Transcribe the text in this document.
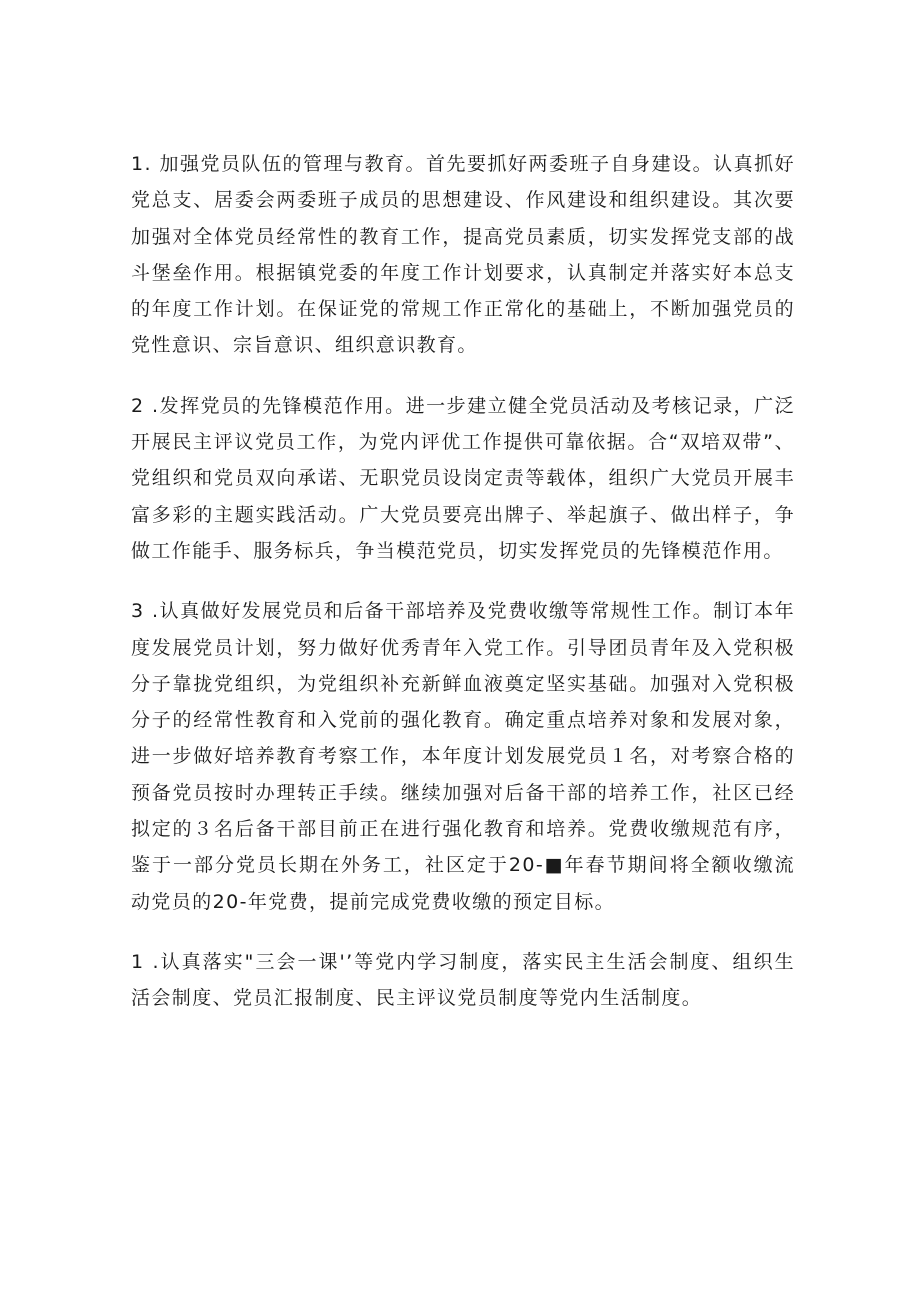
1. 加强党员队伍的管理与教育。首先要抓好两委班子自身建设。认真抓好党总支、居委会两委班子成员的思想建设、作风建设和组织建设。其次要加强对全体党员经常性的教育工作，提高党员素质，切实发挥党支部的战斗堡垒作用。根据镇党委的年度工作计划要求，认真制定并落实好本总支的年度工作计划。在保证党的常规工作正常化的基础上，不断加强党员的党性意识、宗旨意识、组织意识教育。

2 .发挥党员的先锋模范作用。进一步建立健全党员活动及考核记录，广泛开展民主评议党员工作，为党内评优工作提供可靠依据。合“双培双带”、党组织和党员双向承诺、无职党员设岗定责等载体，组织广大党员开展丰富多彩的主题实践活动。广大党员要亮出牌子、举起旗子、做出样子，争做工作能手、服务标兵，争当模范党员，切实发挥党员的先锋模范作用。

3 .认真做好发展党员和后备干部培养及党费收缴等常规性工作。制订本年度发展党员计划，努力做好优秀青年入党工作。引导团员青年及入党积极分子靠拢党组织，为党组织补充新鲜血液奠定坚实基础。加强对入党积极分子的经常性教育和入党前的强化教育。确定重点培养对象和发展对象，进一步做好培养教育考察工作，本年度计划发展党员１名，对考察合格的预备党员按时办理转正手续。继续加强对后备干部的培养工作，社区已经拟定的３名后备干部目前正在进行强化教育和培养。党费收缴规范有序，鉴于一部分党员长期在外务工，社区定于20-■年春节期间将全额收缴流动党员的20-年党费，提前完成党费收缴的预定目标。

1 .认真落实"三会一课'’等党内学习制度，落实民主生活会制度、组织生活会制度、党员汇报制度、民主评议党员制度等党内生活制度。
